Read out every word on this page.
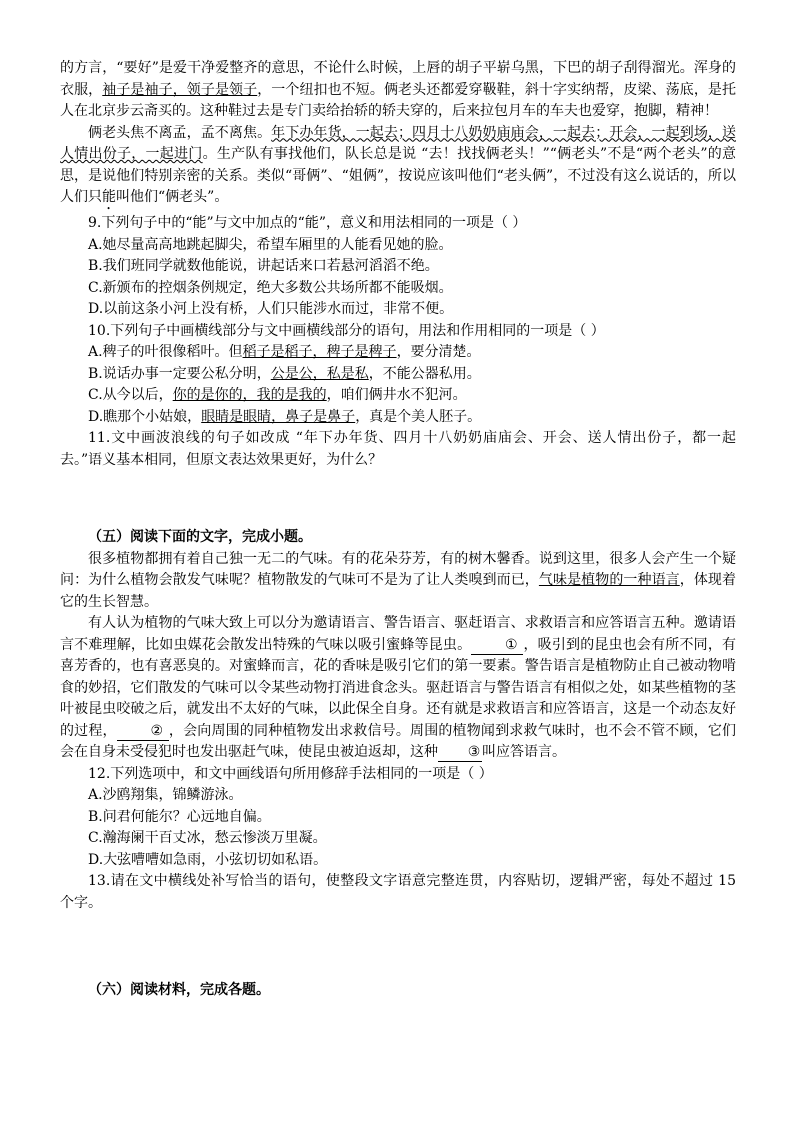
的方言，“要好”是爱干净爱整齐的意思，不论什么时候，上唇的胡子平崭乌黑，下巴的胡子刮得溜光。浑身的衣服，袖子是袖子，领子是领子，一个纽扣也不短。俩老头还都爱穿靸鞋，斜十字实纳帮，皮梁、荡底，是托人在北京步云斋买的。这种鞋过去是专门卖给抬轿的轿夫穿的，后来拉包月车的车夫也爱穿，抱脚，精神！

俩老头焦不离孟，孟不离焦。年下办年货，一起去；四月十八奶奶庙庙会，一起去；开会，一起到场，送人情出份子，一起进门。生产队有事找他们，队长总是说 “去！找找俩老头！”“俩老头”不是“两个老头”的意思，是说他们特别亲密的关系。类似“哥俩”、“姐俩”，按说应该叫他们“老头俩”，不过没有这么说话的，所以人们只能叫他们“俩老头”。

9.下列句子中的“能”与文中加点的“能”，意义和用法相同的一项是（ ）

A.她尽量高高地跳起脚尖，希望车厢里的人能看见她的脸。

B.我们班同学就数他能说，讲起话来口若悬河滔滔不绝。

C.新颁布的控烟条例规定，绝大多数公共场所都不能吸烟。

D.以前这条小河上没有桥，人们只能涉水而过，非常不便。

10.下列句子中画横线部分与文中画横线部分的语句，用法和作用相同的一项是（ ）

A.稗子的叶很像稻叶。但稻子是稻子，稗子是稗子，要分清楚。

B.说话办事一定要公私分明，公是公，私是私，不能公器私用。

C.从今以后，你的是你的，我的是我的，咱们俩井水不犯河。

D.瞧那个小姑娘，眼睛是眼睛，鼻子是鼻子，真是个美人胚子。

11.文中画波浪线的句子如改成 “年下办年货、四月十八奶奶庙庙会、开会、送人情出份子，都一起去。”语义基本相同，但原文表达效果更好，为什么？

（五）阅读下面的文字，完成小题。

很多植物都拥有着自己独一无二的气味。有的花朵芬芳，有的树木馨香。说到这里，很多人会产生一个疑问：为什么植物会散发气味呢？植物散发的气味可不是为了让人类嗅到而已，气味是植物的一种语言，体现着它的生长智慧。

有人认为植物的气味大致上可以分为邀请语言、警告语言、驱赶语言、求救语言和应答语言五种。邀请语言不难理解，比如虫媒花会散发出特殊的气味以吸引蜜蜂等昆虫。 ① ，吸引到的昆虫也会有所不同，有喜芳香的，也有喜恶臭的。对蜜蜂而言，花的香味是吸引它们的第一要素。警告语言是植物防止自己被动物啃食的妙招，它们散发的气味可以令某些动物打消进食念头。驱赶语言与警告语言有相似之处，如某些植物的茎叶被昆虫咬破之后，就发出不太好的气味，以此保全自身。还有就是求救语言和应答语言，这是一个动态友好的过程， ② ，会向周围的同种植物发出求救信号。周围的植物闻到求救气味时，也不会不管不顾，它们会在自身未受侵犯时也发出驱赶气味，使昆虫被迫返却，这种 ③ 叫应答语言。

12.下列选项中，和文中画线语句所用修辞手法相同的一项是（ ）

A.沙鸥翔集，锦鳞游泳。

B.问君何能尔？心远地自偏。

C.瀚海阑干百丈冰，愁云惨淡万里凝。

D.大弦嘈嘈如急雨，小弦切切如私语。

13.请在文中横线处补写恰当的语句，使整段文字语意完整连贯，内容贴切，逻辑严密，每处不超过 15 个字。

（六）阅读材料，完成各题。
